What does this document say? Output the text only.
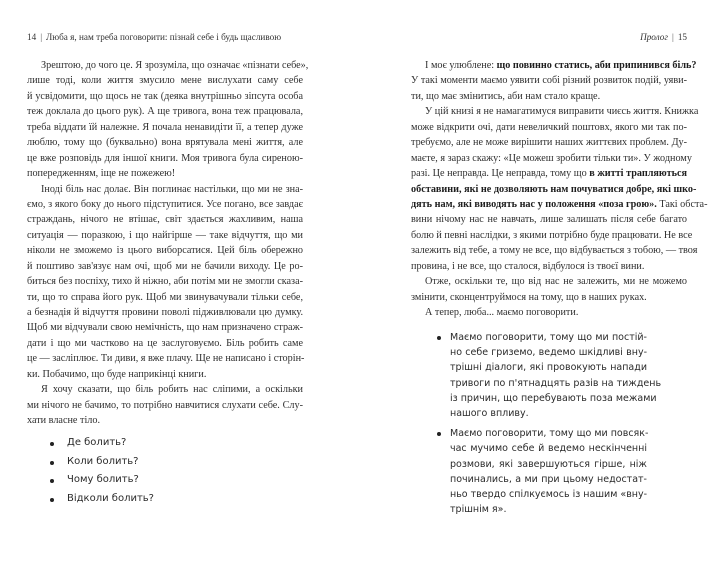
14 | Люба я, нам треба поговорити: пізнай себе і будь щасливою
Зрештою, до чого це. Я зрозуміла, що означає «пізнати себе»,
лише тоді, коли життя змусило мене вислухати саму себе
й усвідомити, що щось не так (деяка внутрішньо зіпсута особа
теж доклала до цього рук). А ще тривога, вона теж працювала,
треба віддати їй належне. Я почала ненавидіти її, а тепер дуже
люблю, тому що (буквально) вона врятувала мені життя, але
це вже розповідь для іншої книги. Моя тривога була сиреною-
попередженням, іще не пожежею!
Іноді біль нас долає. Він поглинає настільки, що ми не зна-
ємо, з якого боку до нього підступитися. Усе погано, все завдає
страждань, нічого не втішає, світ здається жахливим, наша
ситуація — поразкою, і що найгірше — таке відчуття, що ми
ніколи не зможемо із цього виборсатися. Цей біль обережно
й поштиво зав'язує нам очі, щоб ми не бачили виходу. Це ро-
биться без поспіху, тихо й ніжно, аби потім ми не змогли сказа-
ти, що то справа його рук. Щоб ми звинувачували тільки себе,
а безнадія й відчуття провини поволі підживлювали цю думку.
Щоб ми відчували свою немічність, що нам призначено страж-
дати і що ми частково на це заслуговуємо. Біль робить саме
це — засліплює. Ти диви, я вже плачу. Ще не написано і сторін-
ки. Побачимо, що буде наприкінці книги.
Я хочу сказати, що біль робить нас сліпими, а оскільки
ми нічого не бачимо, то потрібно навчитися слухати себе. Слу-
хати власне тіло.
Де болить?
Коли болить?
Чому болить?
Відколи болить?
Пролог | 15
І моє улюблене: що повинно статись, аби припинився біль?
У такі моменти маємо уявити собі різний розвиток подій, уяви-
ти, що має змінитись, аби нам стало краще.
У цій книзі я не намагатимуся виправити чиєсь життя. Книжка
може відкрити очі, дати невеличкий поштовх, якого ми так по-
требуємо, але не може вирішити наших життєвих проблем. Ду-
маєте, я зараз скажу: «Це можеш зробити тільки ти». У жодному
разі. Це неправда. Це неправда, тому що в житті трапляються
обставини, які не дозволяють нам почуватися добре, які шко-
дять нам, які виводять нас у положення «поза грою». Такі обста-
вини нічому нас не навчать, лише залишать після себе багато
болю й певні наслідки, з якими потрібно буде працювати. Не все
залежить від тебе, а тому не все, що відбувається з тобою, — твоя
провина, і не все, що сталося, відбулося із твоєї вини.
Отже, оскільки те, що від нас не залежить, ми не можемо
змінити, сконцентруймося на тому, що в наших руках.
А тепер, люба... маємо поговорити.
Маємо поговорити, тому що ми постій-
но себе гриземо, ведемо шкідливі вну-
трішні діалоги, які провокують напади
тривоги по п'ятнадцять разів на тиждень
із причин, що перебувають поза межами
нашого впливу.
Маємо поговорити, тому що ми повсяк-
час мучимо себе й ведемо нескінченні
розмови, які завершуються гірше, ніж
починались, а ми при цьому недостат-
ньо твердо спілкуємось із нашим «вну-
трішнім я».
